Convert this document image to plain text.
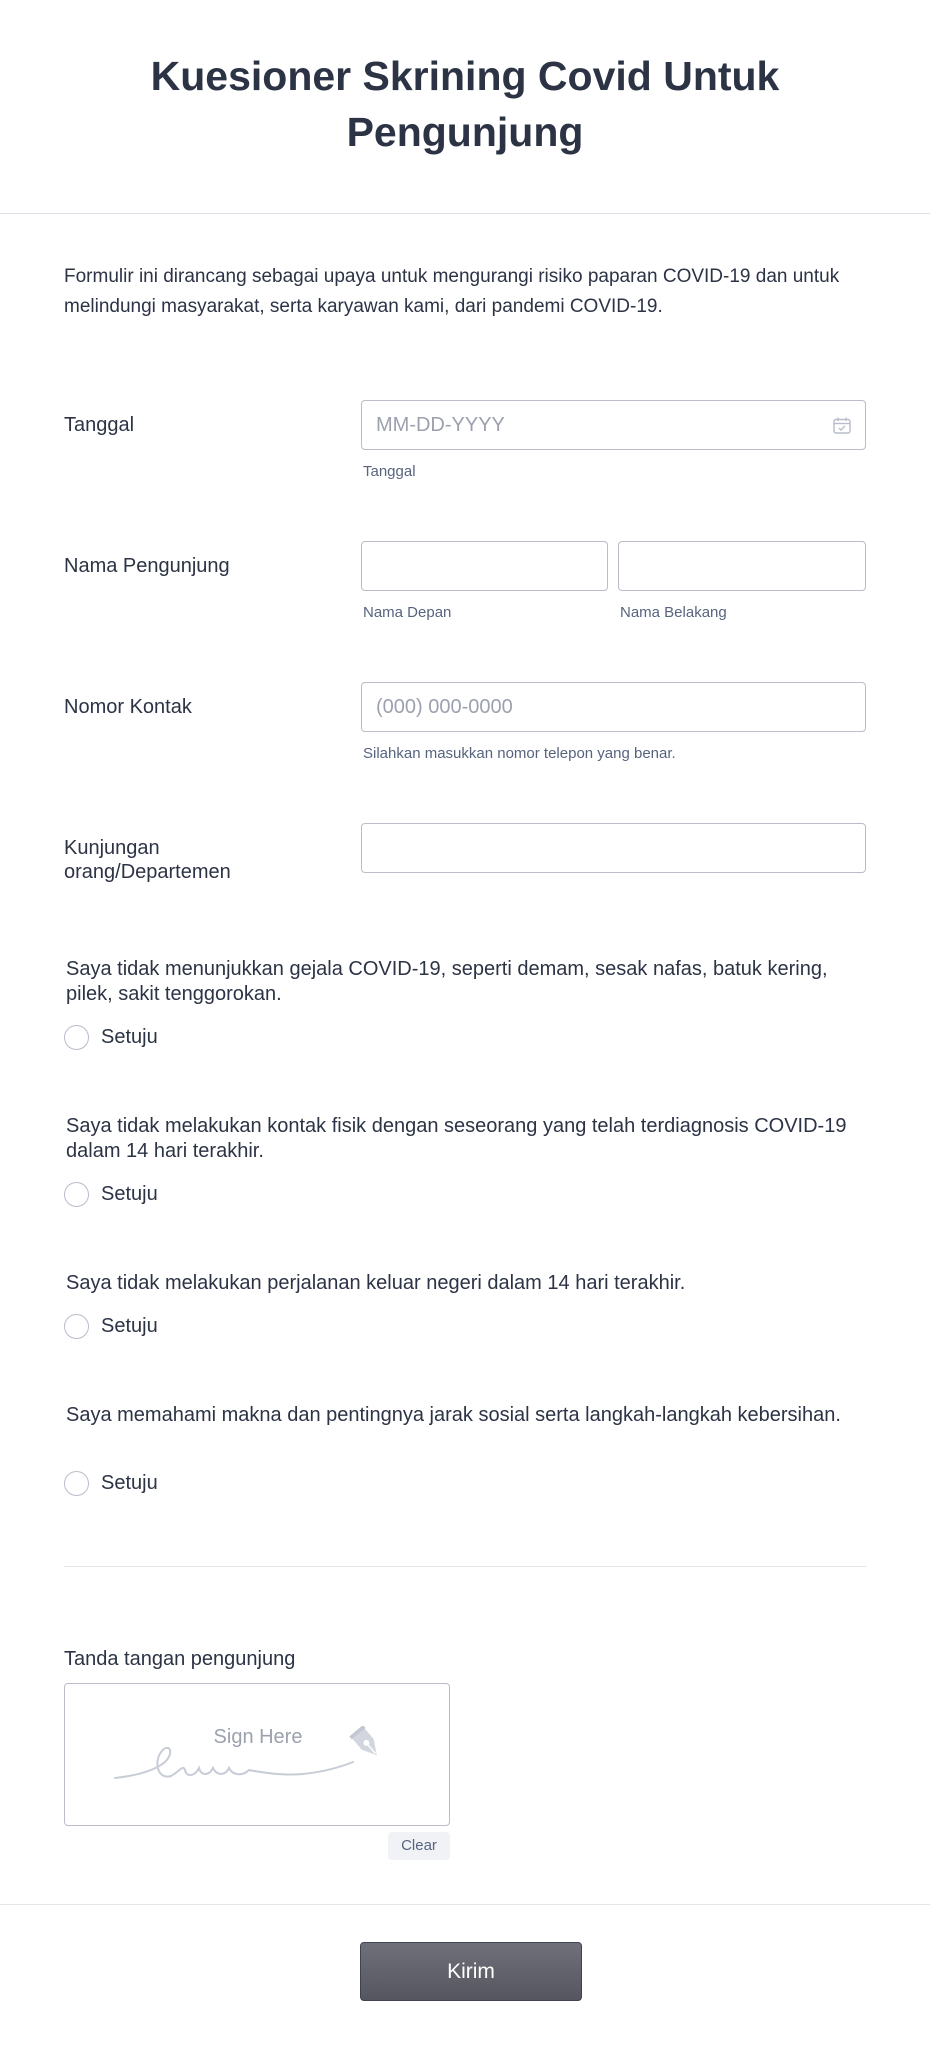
Kuesioner Skrining Covid Untuk Pengunjung

Formulir ini dirancang sebagai upaya untuk mengurangi risiko paparan COVID-19 dan untuk melindungi masyarakat, serta karyawan kami, dari pandemi COVID-19.

Tanggal	MM-DD-YYYY
Tanggal
Nama Pengunjung
Nama Depan	Nama Belakang
Nomor Kontak	(000) 000-0000
Silahkan masukkan nomor telepon yang benar.
Kunjungan orang/Departemen
Saya tidak menunjukkan gejala COVID-19, seperti demam, sesak nafas, batuk kering, pilek, sakit tenggorokan.
Setuju
Saya tidak melakukan kontak fisik dengan seseorang yang telah terdiagnosis COVID-19 dalam 14 hari terakhir.
Setuju
Saya tidak melakukan perjalanan keluar negeri dalam 14 hari terakhir.
Setuju
Saya memahami makna dan pentingnya jarak sosial serta langkah-langkah kebersihan.
Setuju
Tanda tangan pengunjung
Sign Here
Clear
Kirim
